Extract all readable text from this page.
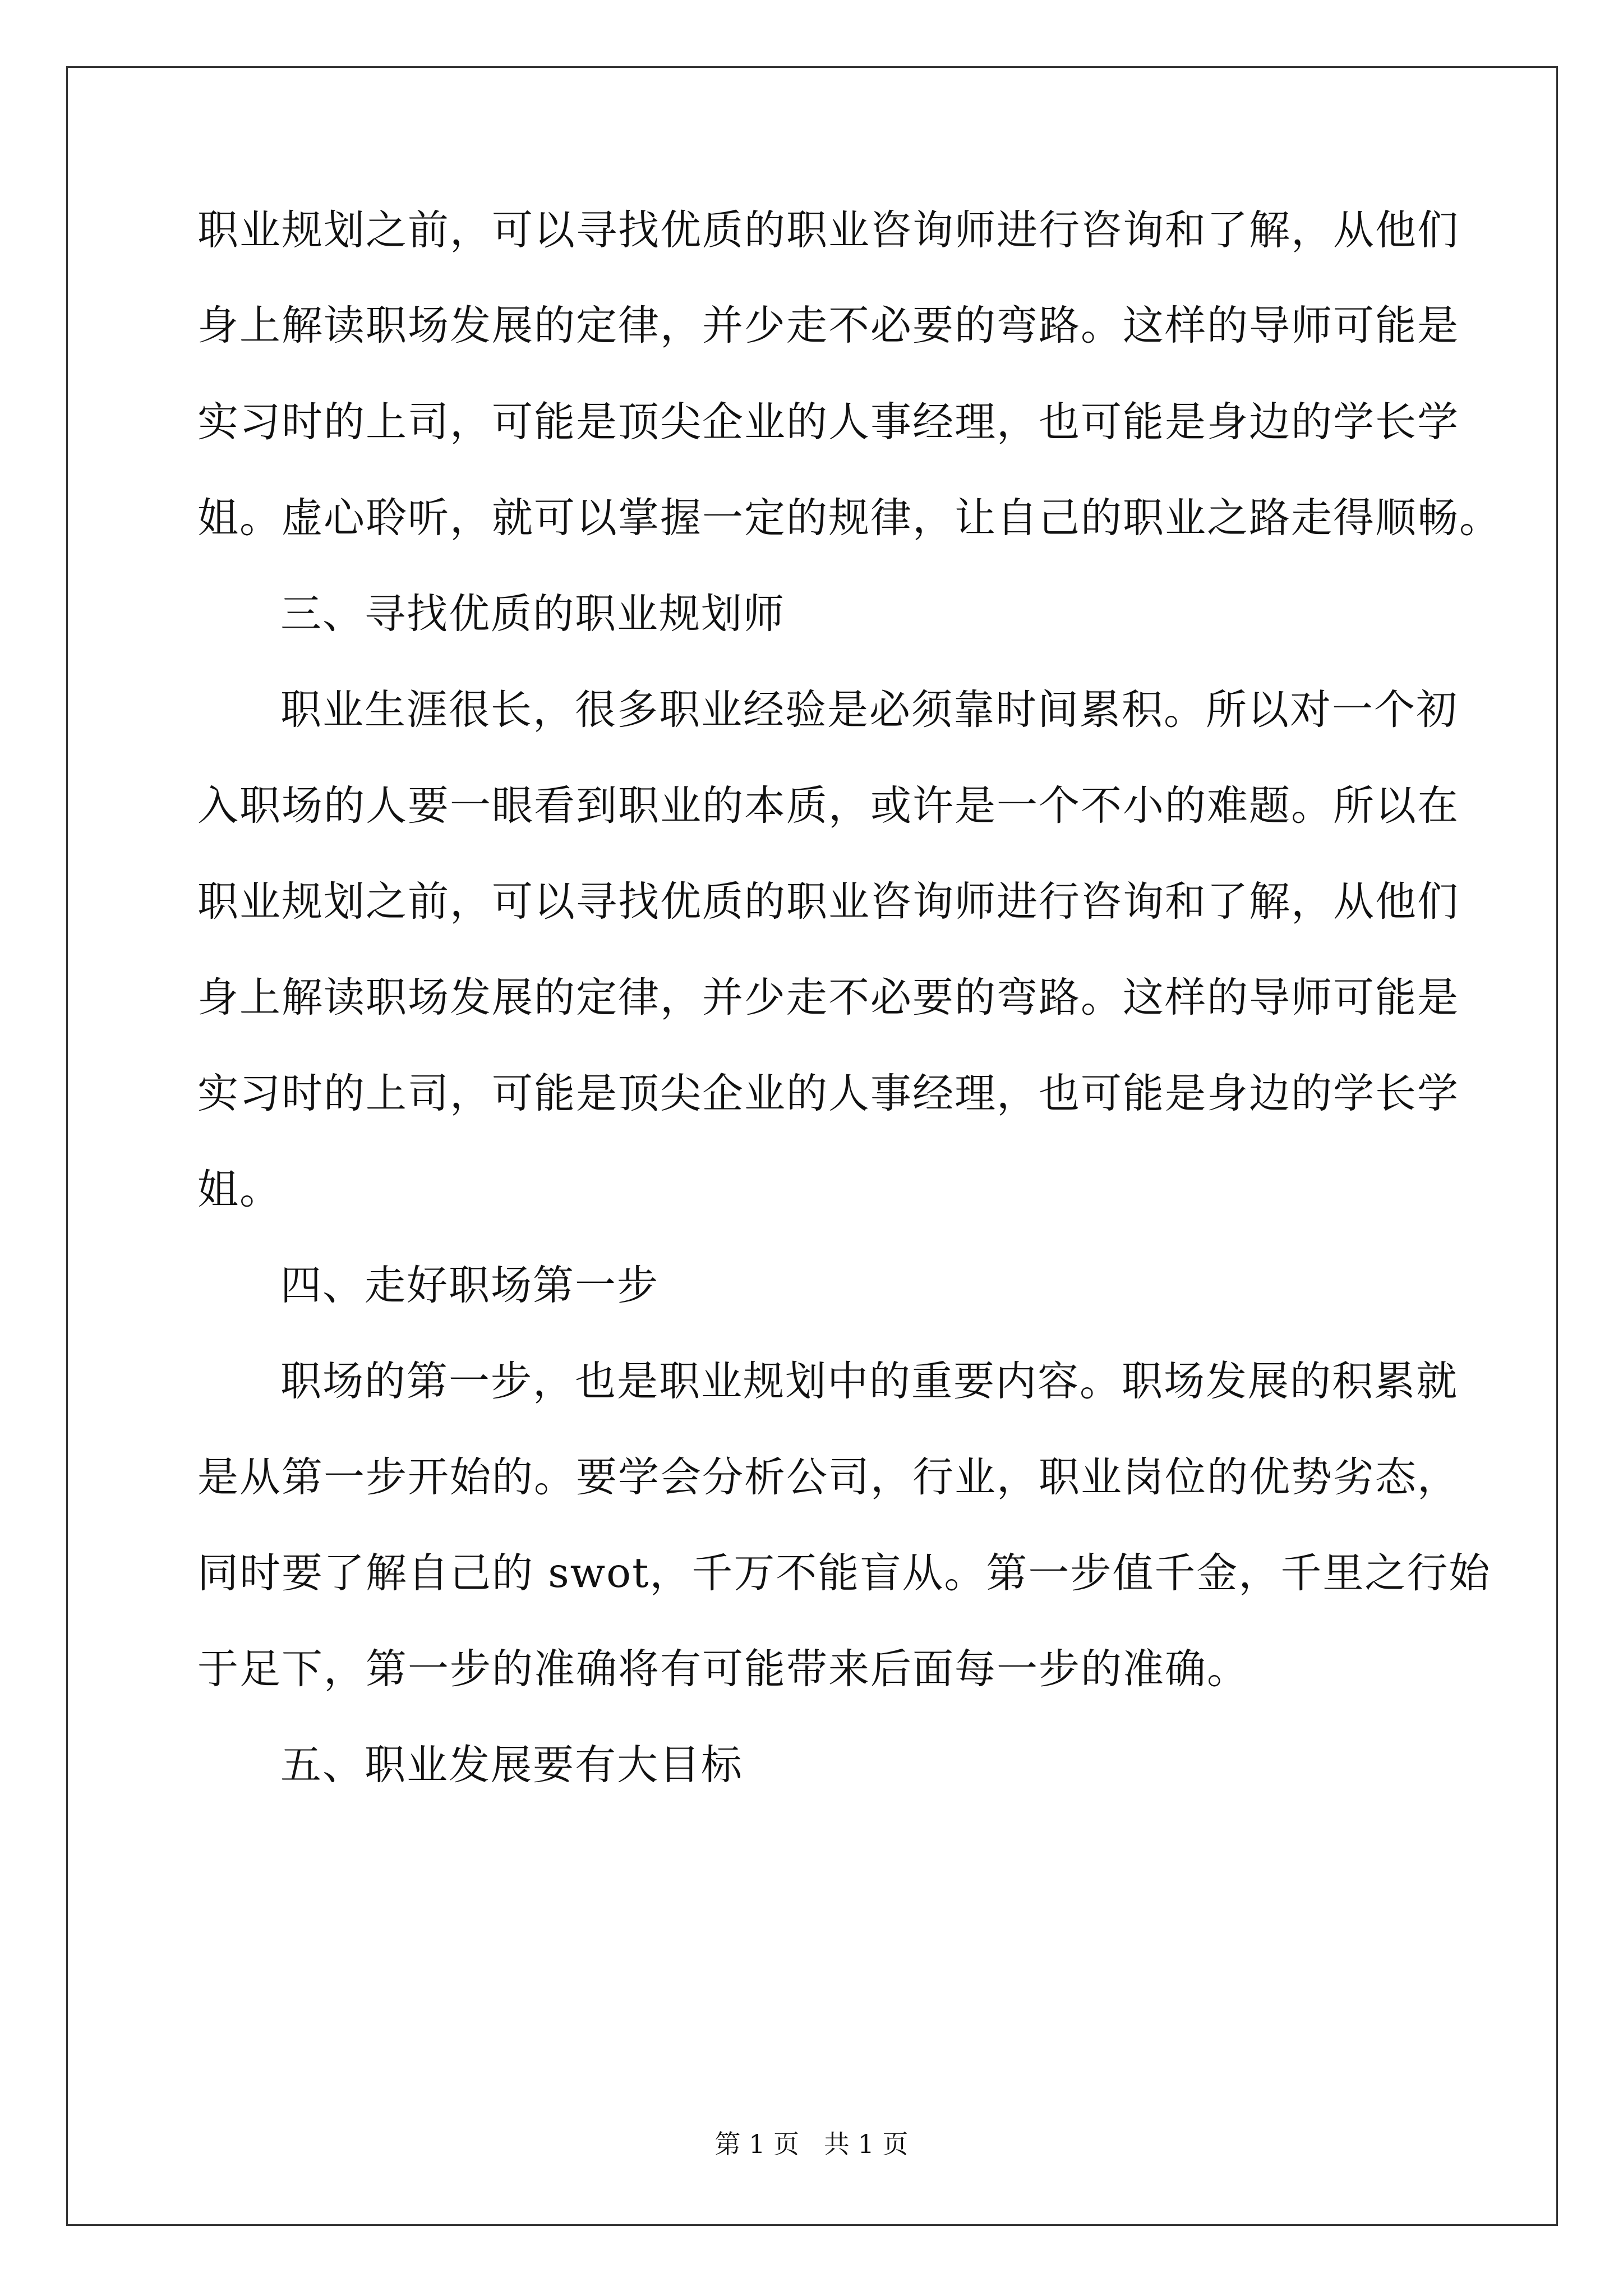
职业规划之前，可以寻找优质的职业咨询师进行咨询和了解，从他们
身上解读职场发展的定律，并少走不必要的弯路。这样的导师可能是
实习时的上司，可能是顶尖企业的人事经理，也可能是身边的学长学
姐。虚心聆听，就可以掌握一定的规律，让自己的职业之路走得顺畅。
三、寻找优质的职业规划师
职业生涯很长，很多职业经验是必须靠时间累积。所以对一个初
入职场的人要一眼看到职业的本质，或许是一个不小的难题。所以在
职业规划之前，可以寻找优质的职业咨询师进行咨询和了解，从他们
身上解读职场发展的定律，并少走不必要的弯路。这样的导师可能是
实习时的上司，可能是顶尖企业的人事经理，也可能是身边的学长学
姐。
四、走好职场第一步
职场的第一步，也是职业规划中的重要内容。职场发展的积累就
是从第一步开始的。要学会分析公司，行业，职业岗位的优势劣态，
同时要了解自己的 swot，千万不能盲从。第一步值千金，千里之行始
于足下，第一步的准确将有可能带来后面每一步的准确。
五、职业发展要有大目标
第 1 页   共 1 页
